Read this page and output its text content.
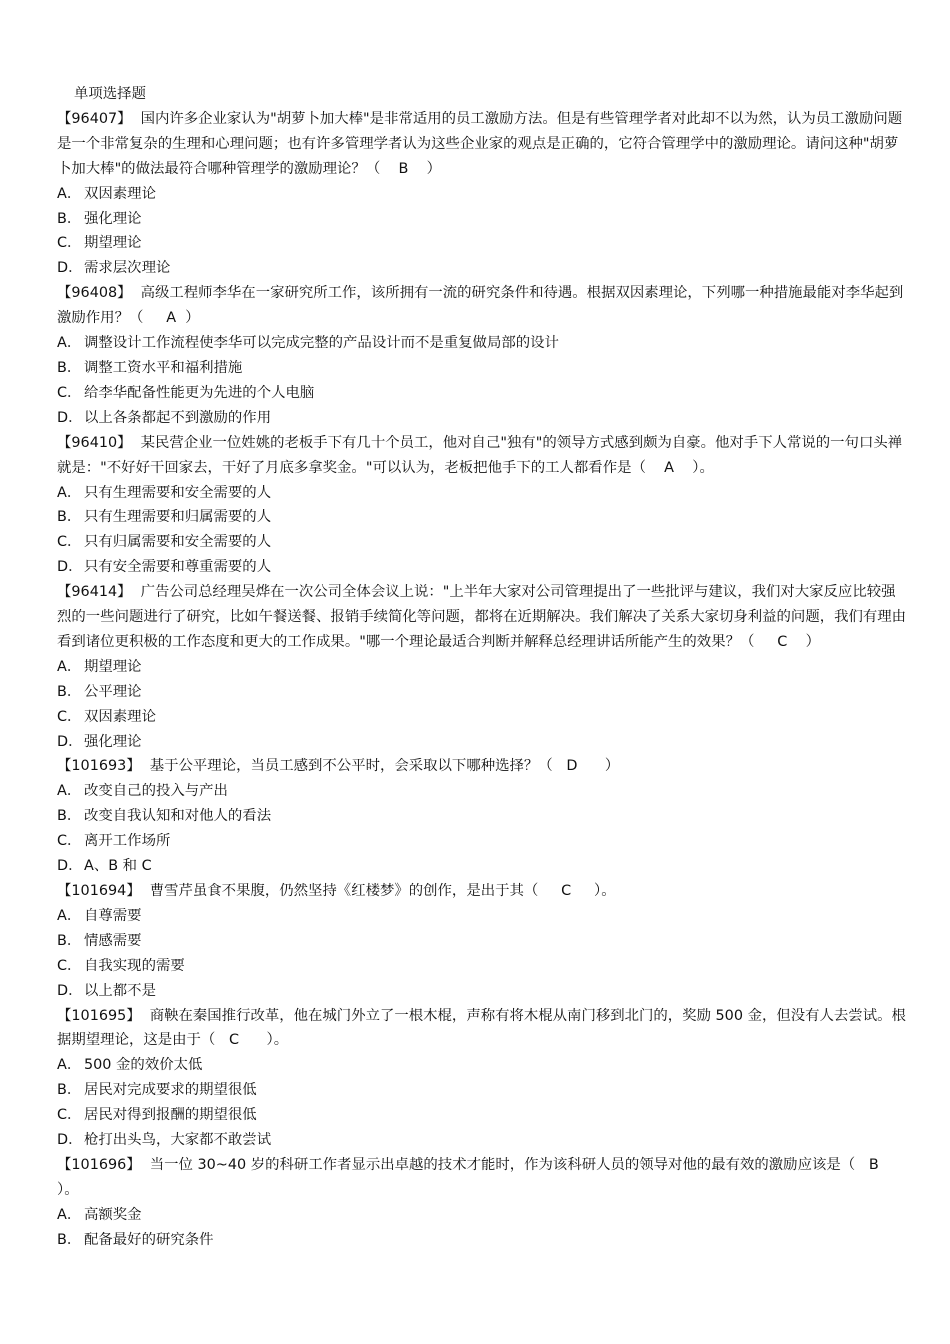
单项选择题
【96407】 国内许多企业家认为"胡萝卜加大棒"是非常适用的员工激励方法。但是有些管理学者对此却不以为然，认为员工激励问题是一个非常复杂的生理和心理问题；也有许多管理学者认为这些企业家的观点是正确的，它符合管理学中的激励理论。请问这种"胡萝卜加大棒"的做法最符合哪种管理学的激励理论？（    B    ）
A． 双因素理论
B． 强化理论
C． 期望理论
D． 需求层次理论
【96408】 高级工程师李华在一家研究所工作，该所拥有一流的研究条件和待遇。根据双因素理论，下列哪一种措施最能对李华起到激励作用？（     A  ）
A． 调整设计工作流程使李华可以完成完整的产品设计而不是重复做局部的设计
B． 调整工资水平和福利措施
C． 给李华配备性能更为先进的个人电脑
D． 以上各条都起不到激励的作用
【96410】 某民营企业一位姓姚的老板手下有几十个员工，他对自己"独有"的领导方式感到颇为自豪。他对手下人常说的一句口头禅就是："不好好干回家去，干好了月底多拿奖金。"可以认为，老板把他手下的工人都看作是（    A    ）。
A． 只有生理需要和安全需要的人
B． 只有生理需要和归属需要的人
C． 只有归属需要和安全需要的人
D． 只有安全需要和尊重需要的人
【96414】 广告公司总经理吴烨在一次公司全体会议上说："上半年大家对公司管理提出了一些批评与建议，我们对大家反应比较强烈的一些问题进行了研究，比如午餐送餐、报销手续简化等问题，都将在近期解决。我们解决了关系大家切身利益的问题，我们有理由看到诸位更积极的工作态度和更大的工作成果。"哪一个理论最适合判断并解释总经理讲话所能产生的效果？（     C    ）
A． 期望理论
B． 公平理论
C． 双因素理论
D． 强化理论
【101693】 基于公平理论，当员工感到不公平时，会采取以下哪种选择？（   D      ）
A． 改变自己的投入与产出
B． 改变自我认知和对他人的看法
C． 离开工作场所
D． A、B 和 C
【101694】 曹雪芹虽食不果腹，仍然坚持《红楼梦》的创作，是出于其（     C     ）。
A． 自尊需要
B． 情感需要
C． 自我实现的需要
D． 以上都不是
【101695】 商鞅在秦国推行改革，他在城门外立了一根木棍，声称有将木棍从南门移到北门的，奖励 500 金，但没有人去尝试。根据期望理论，这是由于（   C      ）。
A． 500 金的效价太低
B． 居民对完成要求的期望很低
C． 居民对得到报酬的期望很低
D． 枪打出头鸟，大家都不敢尝试
【101696】 当一位 30~40 岁的科研工作者显示出卓越的技术才能时，作为该科研人员的领导对他的最有效的激励应该是（   B      ）。
A． 高额奖金
B． 配备最好的研究条件
